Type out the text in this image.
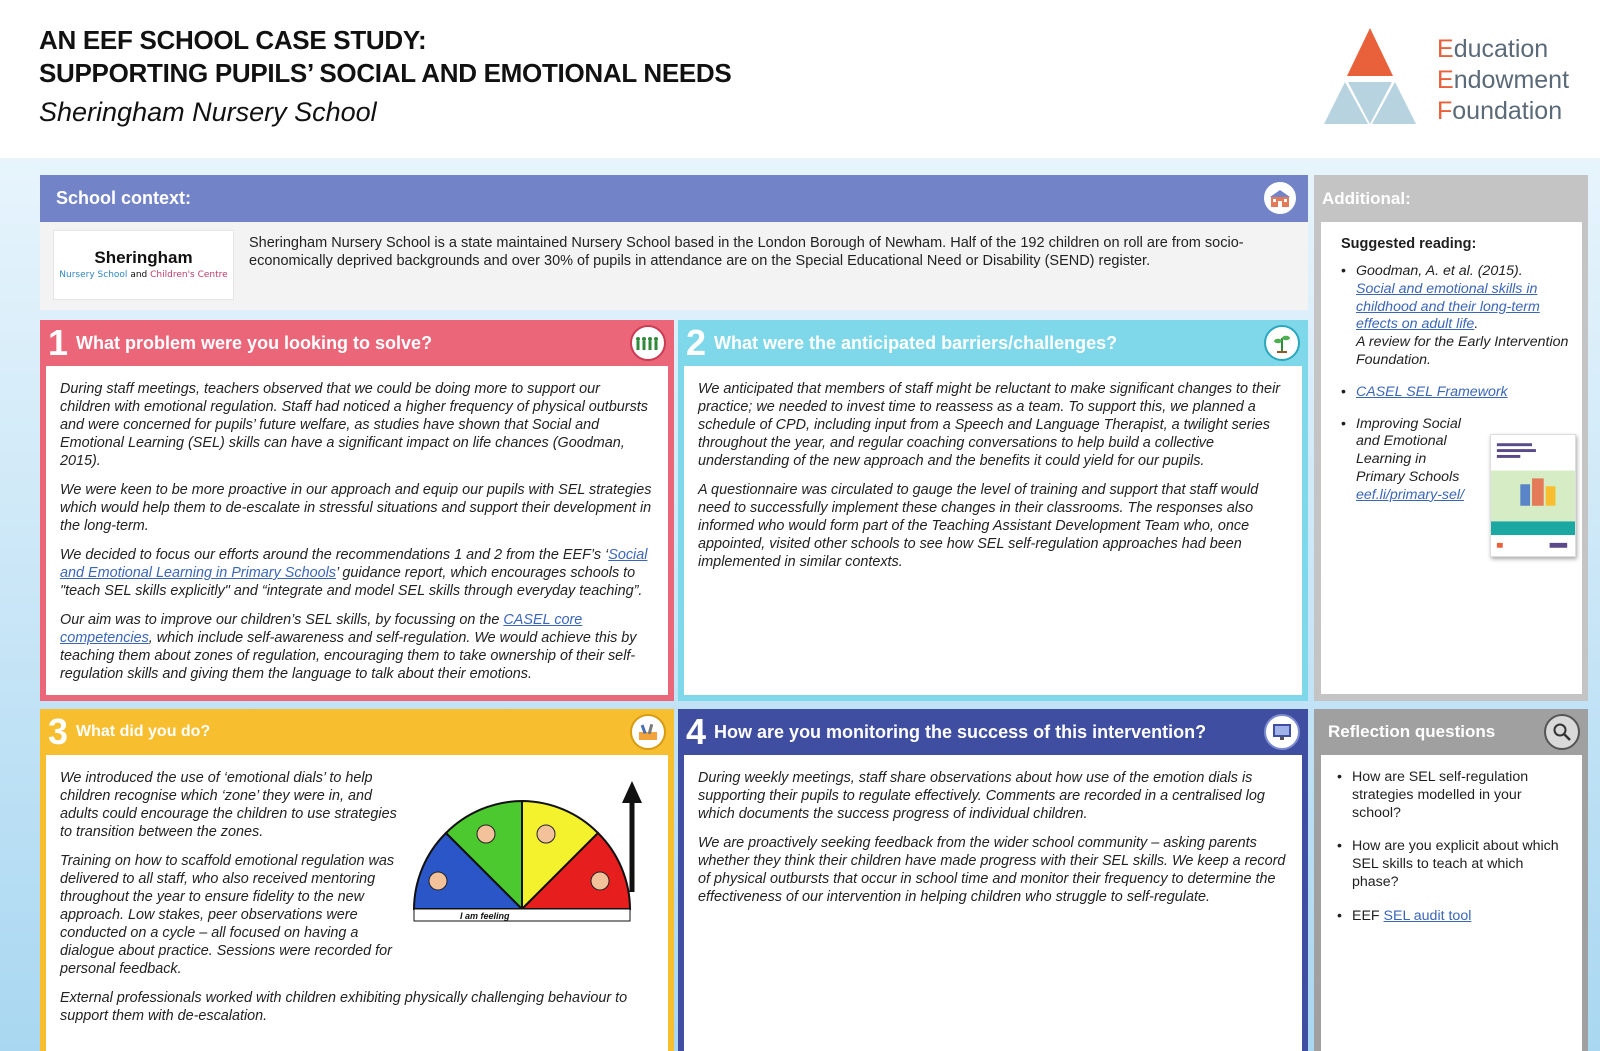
AN EEF SCHOOL CASE STUDY:
SUPPORTING PUPILS’ SOCIAL AND EMOTIONAL NEEDS
Sheringham Nursery School
Education
Endowment
Foundation
School context:
Sheringham
Nursery School and Children's Centre
Sheringham Nursery School is a state maintained Nursery School based in the London Borough of Newham. Half of the 192 children on roll are from socio-economically deprived backgrounds and over 30% of pupils in attendance are on the Special Educational Need or Disability (SEND) register.
Additional:
Suggested reading:
• Goodman, A. et al. (2015).
Social and emotional skills in childhood and their long-term effects on adult life.
A review for the Early Intervention Foundation.
• CASEL SEL Framework
• Improving Social and Emotional Learning in Primary Schools
eef.li/primary-sel/
1 What problem were you looking to solve?

During staff meetings, teachers observed that we could be doing more to support our children with emotional regulation. Staff had noticed a higher frequency of physical outbursts and were concerned for pupils’ future welfare, as studies have shown that Social and Emotional Learning (SEL) skills can have a significant impact on life chances (Goodman, 2015).

We were keen to be more proactive in our approach and equip our pupils with SEL strategies which would help them to de-escalate in stressful situations and support their development in the long-term.

We decided to focus our efforts around the recommendations 1 and 2 from the EEF’s ‘Social and Emotional Learning in Primary Schools’ guidance report, which encourages schools to "teach SEL skills explicitly" and “integrate and model SEL skills through everyday teaching”.

Our aim was to improve our children’s SEL skills, by focussing on the CASEL core competencies, which include self-awareness and self-regulation. We would achieve this by teaching them about zones of regulation, encouraging them to take ownership of their self-regulation skills and giving them the language to talk about their emotions.

2 What were the anticipated barriers/challenges?

We anticipated that members of staff might be reluctant to make significant changes to their practice; we needed to invest time to reassess as a team. To support this, we planned a schedule of CPD, including input from a Speech and Language Therapist, a twilight series throughout the year, and regular coaching conversations to help build a collective understanding of the new approach and the benefits it could yield for our pupils.

A questionnaire was circulated to gauge the level of training and support that staff would need to successfully implement these changes in their classrooms. The responses also informed who would form part of the Teaching Assistant Development Team who, once appointed, visited other schools to see how SEL self-regulation approaches had been implemented in similar contexts.

3 What did you do?

We introduced the use of ‘emotional dials’ to help children recognise which ‘zone’ they were in, and adults could encourage the children to use strategies to transition between the zones.

Training on how to scaffold emotional regulation was delivered to all staff, who also received mentoring throughout the year to ensure fidelity to the new approach. Low stakes, peer observations were conducted on a cycle – all focused on having a dialogue about practice. Sessions were recorded for personal feedback.

External professionals worked with children exhibiting physically challenging behaviour to support them with de-escalation.

I am feeling
4 How are you monitoring the success of this intervention?

During weekly meetings, staff share observations about how use of the emotion dials is supporting their pupils to regulate effectively. Comments are recorded in a centralised log which documents the success progress of individual children.

We are proactively seeking feedback from the wider school community – asking parents whether they think their children have made progress with their SEL skills. We keep a record of physical outbursts that occur in school time and monitor their frequency to determine the effectiveness of our intervention in helping children who struggle to self-regulate.

Reflection questions
• How are SEL self-regulation strategies modelled in your school?
• How are you explicit about which SEL skills to teach at which phase?
• EEF SEL audit tool
